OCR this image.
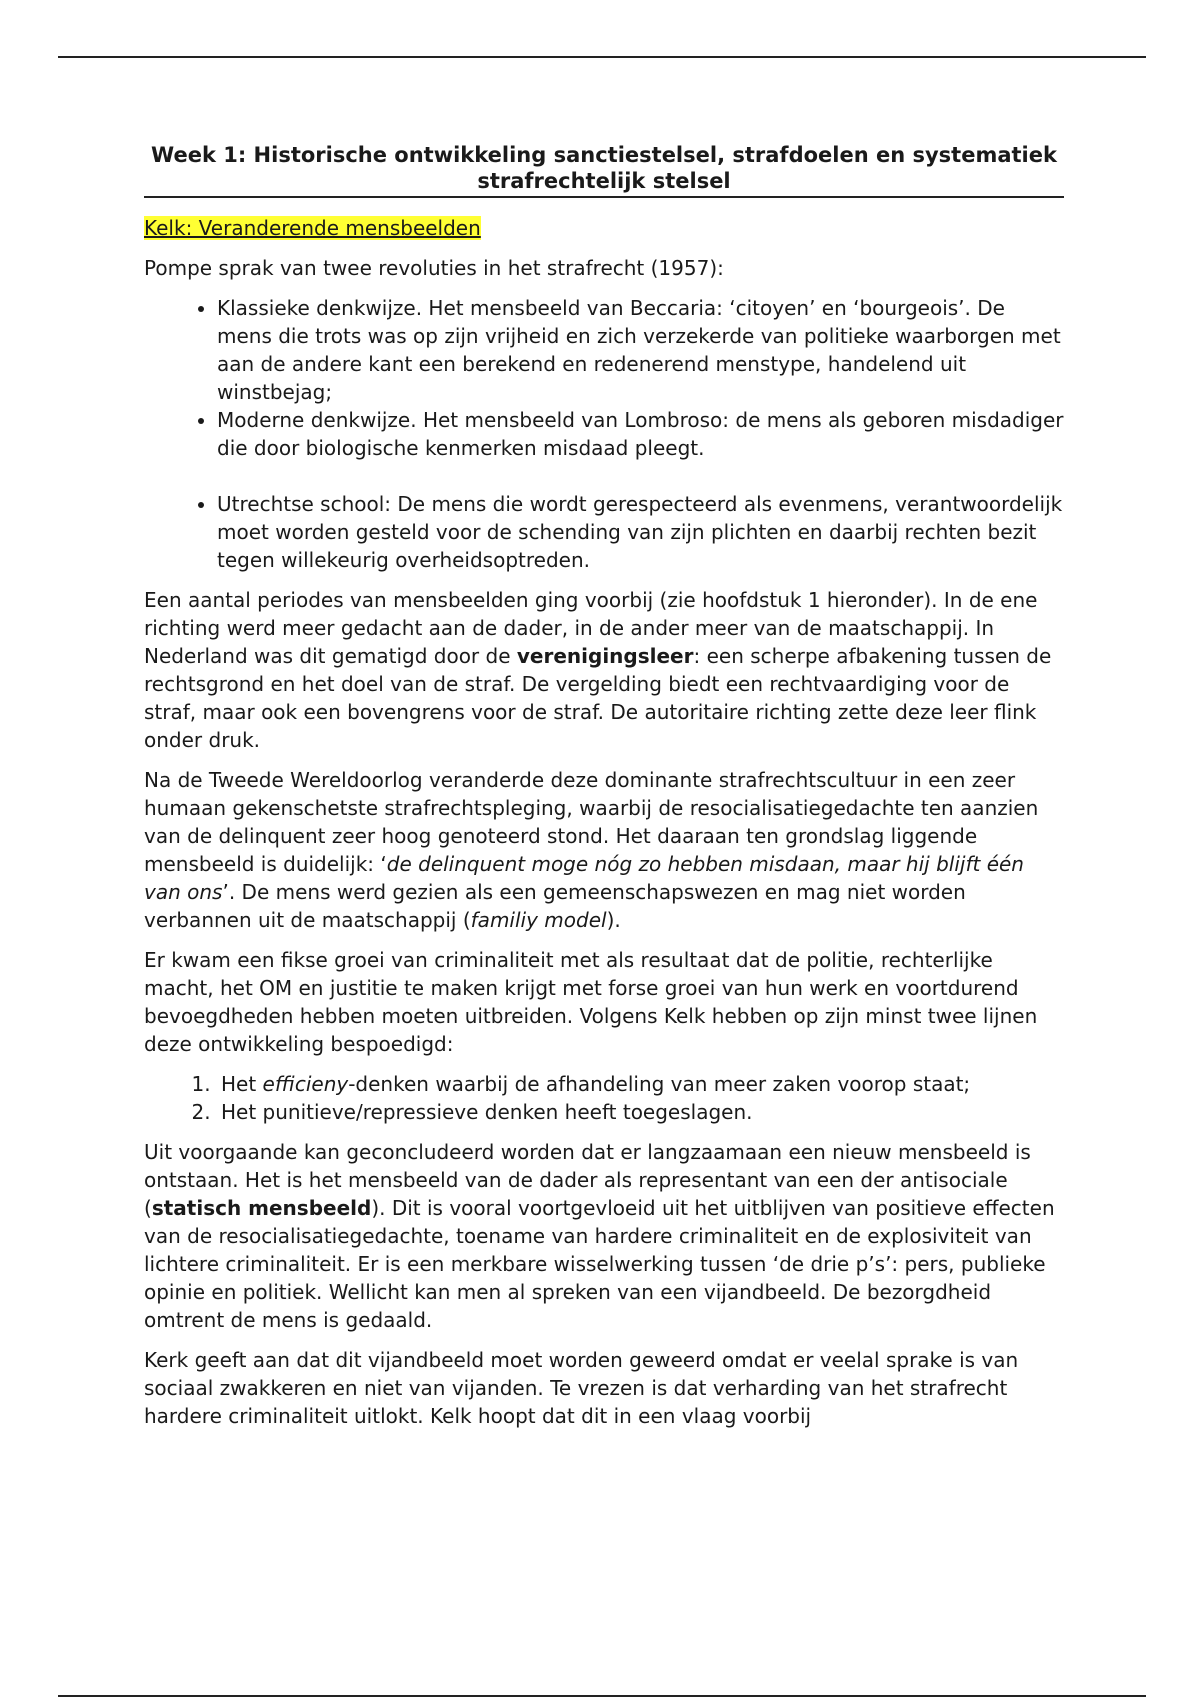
Week 1: Historische ontwikkeling sanctiestelsel, strafdoelen en systematiek strafrechtelijk stelsel
Kelk: Veranderende mensbeelden

Pompe sprak van twee revoluties in het strafrecht (1957):

• Klassieke denkwijze. Het mensbeeld van Beccaria: ‘citoyen’ en ‘bourgeois’. De mens die trots was op zijn vrijheid en zich verzekerde van politieke waarborgen met aan de andere kant een berekend en redenerend menstype, handelend uit winstbejag;
• Moderne denkwijze. Het mensbeeld van Lombroso: de mens als geboren misdadiger die door biologische kenmerken misdaad pleegt.
• Utrechtse school: De mens die wordt gerespecteerd als evenmens, verantwoordelijk moet worden gesteld voor de schending van zijn plichten en daarbij rechten bezit tegen willekeurig overheidsoptreden.

Een aantal periodes van mensbeelden ging voorbij (zie hoofdstuk 1 hieronder). In de ene richting werd meer gedacht aan de dader, in de ander meer van de maatschappij. In Nederland was dit gematigd door de verenigingsleer: een scherpe afbakening tussen de rechtsgrond en het doel van de straf. De vergelding biedt een rechtvaardiging voor de straf, maar ook een bovengrens voor de straf. De autoritaire richting zette deze leer flink onder druk.

Na de Tweede Wereldoorlog veranderde deze dominante strafrechtscultuur in een zeer humaan gekenschetste strafrechtspleging, waarbij de resocialisatiegedachte ten aanzien van de delinquent zeer hoog genoteerd stond. Het daaraan ten grondslag liggende mensbeeld is duidelijk: ‘de delinquent moge nóg zo hebben misdaan, maar hij blijft één van ons’. De mens werd gezien als een gemeenschapswezen en mag niet worden verbannen uit de maatschappij (familiy model).

Er kwam een fikse groei van criminaliteit met als resultaat dat de politie, rechterlijke macht, het OM en justitie te maken krijgt met forse groei van hun werk en voortdurend bevoegdheden hebben moeten uitbreiden. Volgens Kelk hebben op zijn minst twee lijnen deze ontwikkeling bespoedigd:

1. Het efficieny-denken waarbij de afhandeling van meer zaken voorop staat;
2. Het punitieve/repressieve denken heeft toegeslagen.

Uit voorgaande kan geconcludeerd worden dat er langzaamaan een nieuw mensbeeld is ontstaan. Het is het mensbeeld van de dader als representant van een der antisociale (statisch mensbeeld). Dit is vooral voortgevloeid uit het uitblijven van positieve effecten van de resocialisatiegedachte, toename van hardere criminaliteit en de explosiviteit van lichtere criminaliteit. Er is een merkbare wisselwerking tussen ‘de drie p’s’: pers, publieke opinie en politiek. Wellicht kan men al spreken van een vijandbeeld. De bezorgdheid omtrent de mens is gedaald.

Kerk geeft aan dat dit vijandbeeld moet worden geweerd omdat er veelal sprake is van sociaal zwakkeren en niet van vijanden. Te vrezen is dat verharding van het strafrecht hardere criminaliteit uitlokt. Kelk hoopt dat dit in een vlaag voorbij
